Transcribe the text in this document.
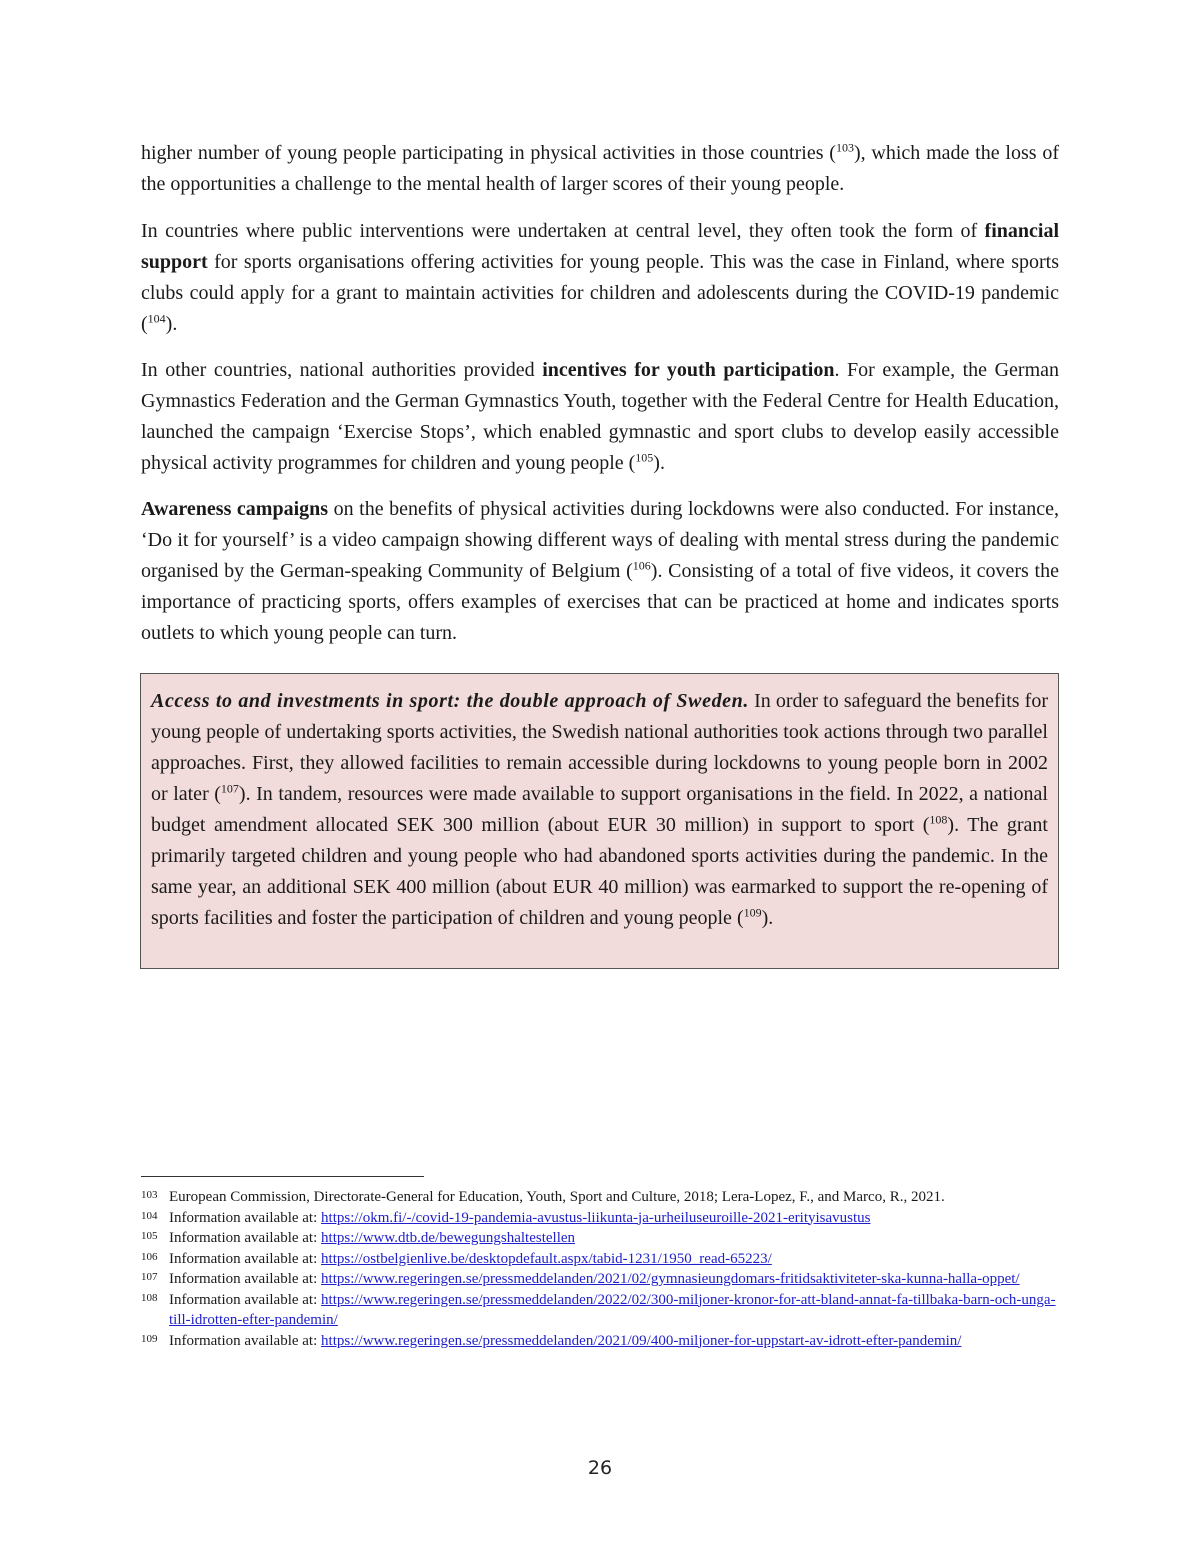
higher number of young people participating in physical activities in those countries ($^{103}$), which made the loss of the opportunities a challenge to the mental health of larger scores of their young people.

In countries where public interventions were undertaken at central level, they often took the form of financial support for sports organisations offering activities for young people. This was the case in Finland, where sports clubs could apply for a grant to maintain activities for children and adolescents during the COVID-19 pandemic ($^{104}$).

In other countries, national authorities provided incentives for youth participation. For example, the German Gymnastics Federation and the German Gymnastics Youth, together with the Federal Centre for Health Education, launched the campaign ‘Exercise Stops’, which enabled gymnastic and sport clubs to develop easily accessible physical activity programmes for children and young people ($^{105}$).

Awareness campaigns on the benefits of physical activities during lockdowns were also conducted. For instance, ‘Do it for yourself’ is a video campaign showing different ways of dealing with mental stress during the pandemic organised by the German-speaking Community of Belgium ($^{106}$). Consisting of a total of five videos, it covers the importance of practicing sports, offers examples of exercises that can be practiced at home and indicates sports outlets to which young people can turn.

Access to and investments in sport: the double approach of Sweden. In order to safeguard the benefits for young people of undertaking sports activities, the Swedish national authorities took actions through two parallel approaches. First, they allowed facilities to remain accessible during lockdowns to young people born in 2002 or later ($^{107}$). In tandem, resources were made available to support organisations in the field. In 2022, a national budget amendment allocated SEK 300 million (about EUR 30 million) in support to sport ($^{108}$). The grant primarily targeted children and young people who had abandoned sports activities during the pandemic. In the same year, an additional SEK 400 million (about EUR 40 million) was earmarked to support the re-opening of sports facilities and foster the participation of children and young people ($^{109}$).

103 European Commission, Directorate-General for Education, Youth, Sport and Culture, 2018; Lera-Lopez, F., and Marco, R., 2021.
104 Information available at: https://okm.fi/-/covid-19-pandemia-avustus-liikunta-ja-urheiluseuroille-2021-erityisavustus
105 Information available at: https://www.dtb.de/bewegungshaltestellen
106 Information available at: https://ostbelgienlive.be/desktopdefault.aspx/tabid-1231/1950_read-65223/
107 Information available at: https://www.regeringen.se/pressmeddelanden/2021/02/gymnasieungdomars-fritidsaktiviteter-ska-kunna-halla-oppet/
108 Information available at: https://www.regeringen.se/pressmeddelanden/2022/02/300-miljoner-kronor-for-att-bland-annat-fa-tillbaka-barn-och-unga-till-idrotten-efter-pandemin/
109 Information available at: https://www.regeringen.se/pressmeddelanden/2021/09/400-miljoner-for-uppstart-av-idrott-efter-pandemin/
26
